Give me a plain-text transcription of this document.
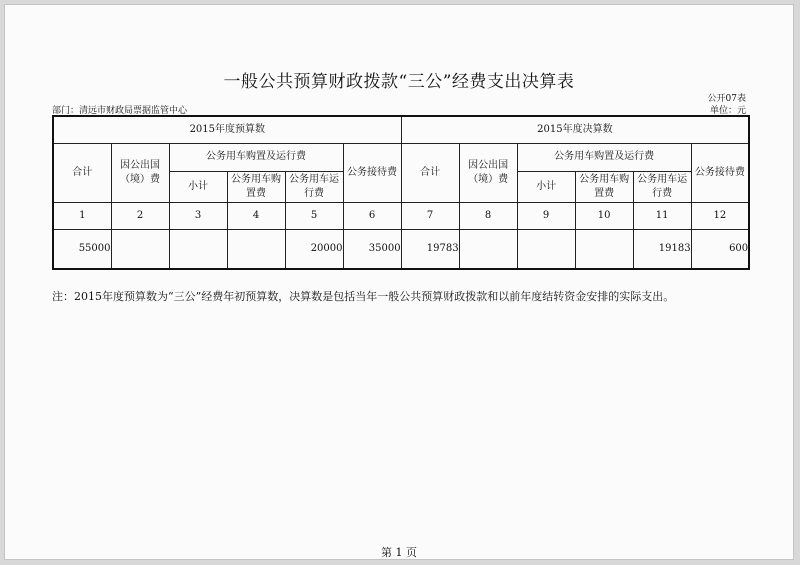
一般公共预算财政拨款“三公”经费支出决算表
公开07表
部门：清远市财政局票据监管中心	单位：元
2015年度预算数						2015年度决算数					
合计	因公出国（境）费	公务用车购置及运行费			公务接待费	合计	因公出国（境）费	公务用车购置及运行费			公务接待费
		小计	公务用车购置费	公务用车运行费				小计	公务用车购置费	公务用车运行费	
1	2	3	4	5	6	7	8	9	10	11	12
55000				20000	35000	19783				19183	600
注：2015年度预算数为“三公”经费年初预算数，决算数是包括当年一般公共预算财政拨款和以前年度结转资金安排的实际支出。
第 1 页
